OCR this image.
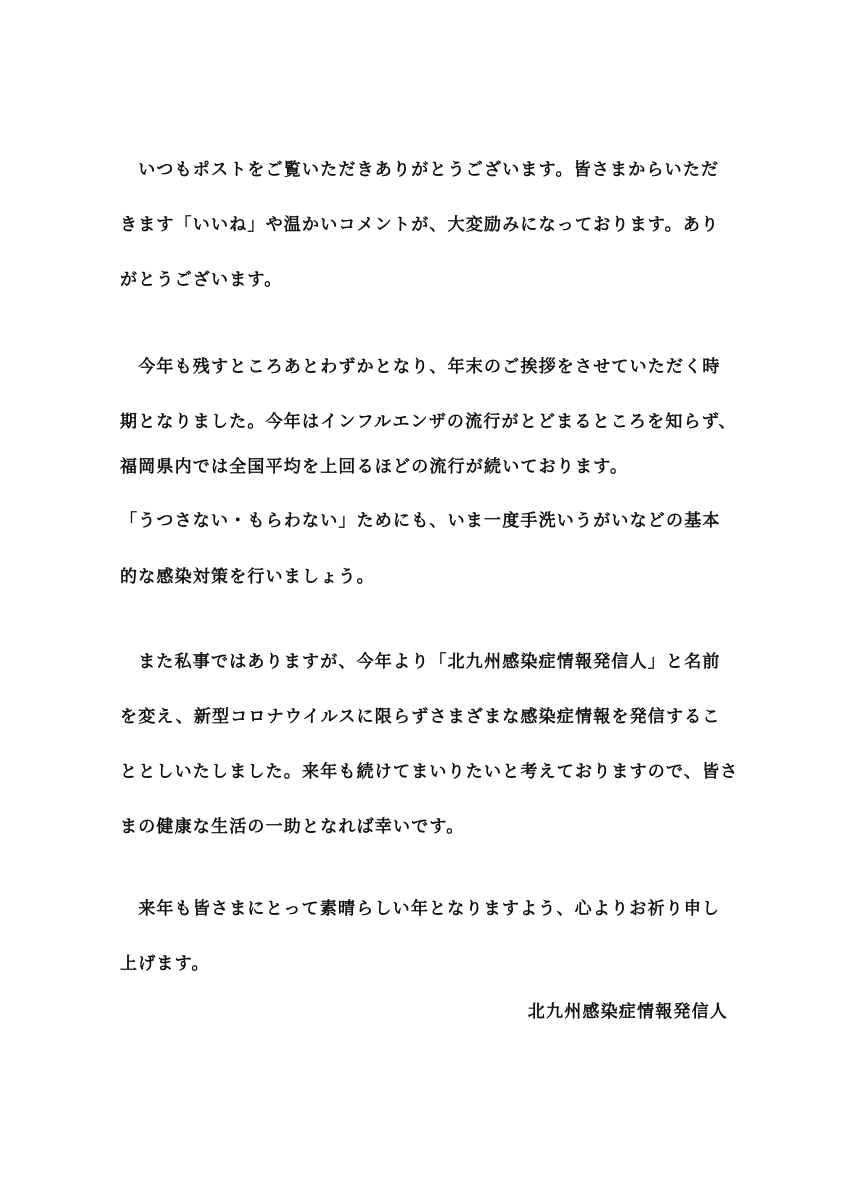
　いつもポストをご覧いただきありがとうございます。皆さまからいただ
きます「いいね」や温かいコメントが、大変励みになっております。あり
がとうございます。
　今年も残すところあとわずかとなり、年末のご挨拶をさせていただく時
期となりました。今年はインフルエンザの流行がとどまるところを知らず、
福岡県内では全国平均を上回るほどの流行が続いております。
「うつさない・もらわない」ためにも、いま一度手洗いうがいなどの基本
的な感染対策を行いましょう。
　また私事ではありますが、今年より「北九州感染症情報発信人」と名前
を変え、新型コロナウイルスに限らずさまざまな感染症情報を発信するこ
ととしいたしました。来年も続けてまいりたいと考えておりますので、皆さ
まの健康な生活の一助となれば幸いです。
　来年も皆さまにとって素晴らしい年となりますよう、心よりお祈り申し
上げます。
北九州感染症情報発信人
